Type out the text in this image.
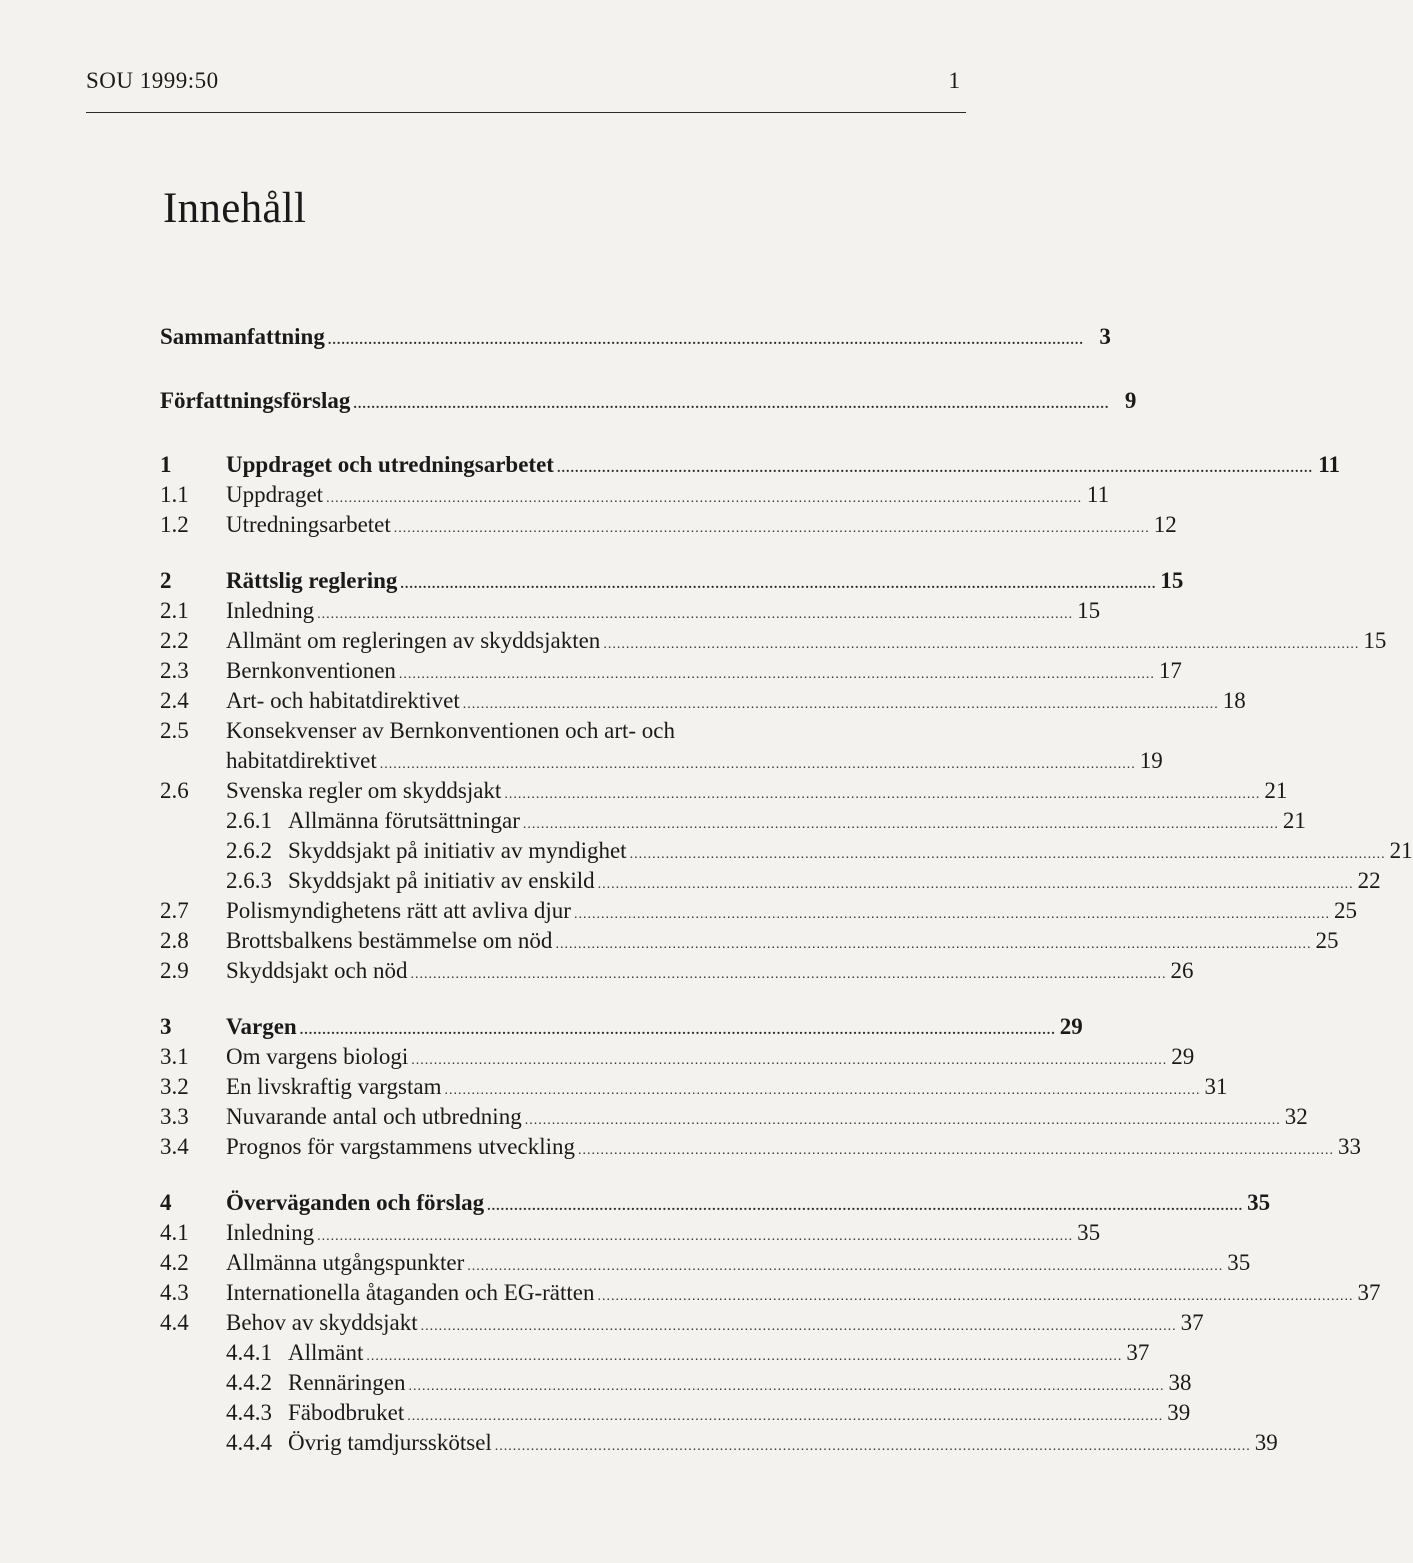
SOU 1999:50	1
Innehåll
Sammanfattning ........................................................................................................................................................................ 3
Författningsförslag ........................................................................................................................................................................ 9
1	Uppdraget och utredningsarbetet ........................................................................................................................................................................ 11
1.1	Uppdraget ........................................................................................................................................................................ 11
1.2	Utredningsarbetet ........................................................................................................................................................................ 12
2	Rättslig reglering ........................................................................................................................................................................ 15
2.1	Inledning ........................................................................................................................................................................ 15
2.2	Allmänt om regleringen av skyddsjakten ........................................................................................................................................................................ 15
2.3	Bernkonventionen ........................................................................................................................................................................ 17
2.4	Art- och habitatdirektivet ........................................................................................................................................................................ 18
2.5	Konsekvenser av Bernkonventionen och art- och
habitatdirektivet ........................................................................................................................................................................ 19
2.6	Svenska regler om skyddsjakt ........................................................................................................................................................................ 21
2.6.1 Allmänna förutsättningar ........................................................................................................................................................................ 21
2.6.2 Skyddsjakt på initiativ av myndighet ........................................................................................................................................................................ 21
2.6.3 Skyddsjakt på initiativ av enskild ........................................................................................................................................................................ 22
2.7	Polismyndighetens rätt att avliva djur ........................................................................................................................................................................ 25
2.8	Brottsbalkens bestämmelse om nöd ........................................................................................................................................................................ 25
2.9	Skyddsjakt och nöd ........................................................................................................................................................................ 26
3	Vargen ........................................................................................................................................................................ 29
3.1	Om vargens biologi ........................................................................................................................................................................ 29
3.2	En livskraftig vargstam ........................................................................................................................................................................ 31
3.3	Nuvarande antal och utbredning ........................................................................................................................................................................ 32
3.4	Prognos för vargstammens utveckling ........................................................................................................................................................................ 33
4	Överväganden och förslag ........................................................................................................................................................................ 35
4.1	Inledning ........................................................................................................................................................................ 35
4.2	Allmänna utgångspunkter ........................................................................................................................................................................ 35
4.3	Internationella åtaganden och EG-rätten ........................................................................................................................................................................ 37
4.4	Behov av skyddsjakt ........................................................................................................................................................................ 37
4.4.1 Allmänt ........................................................................................................................................................................ 37
4.4.2 Rennäringen ........................................................................................................................................................................ 38
4.4.3 Fäbodbruket ........................................................................................................................................................................ 39
4.4.4 Övrig tamdjursskötsel ........................................................................................................................................................................ 39
